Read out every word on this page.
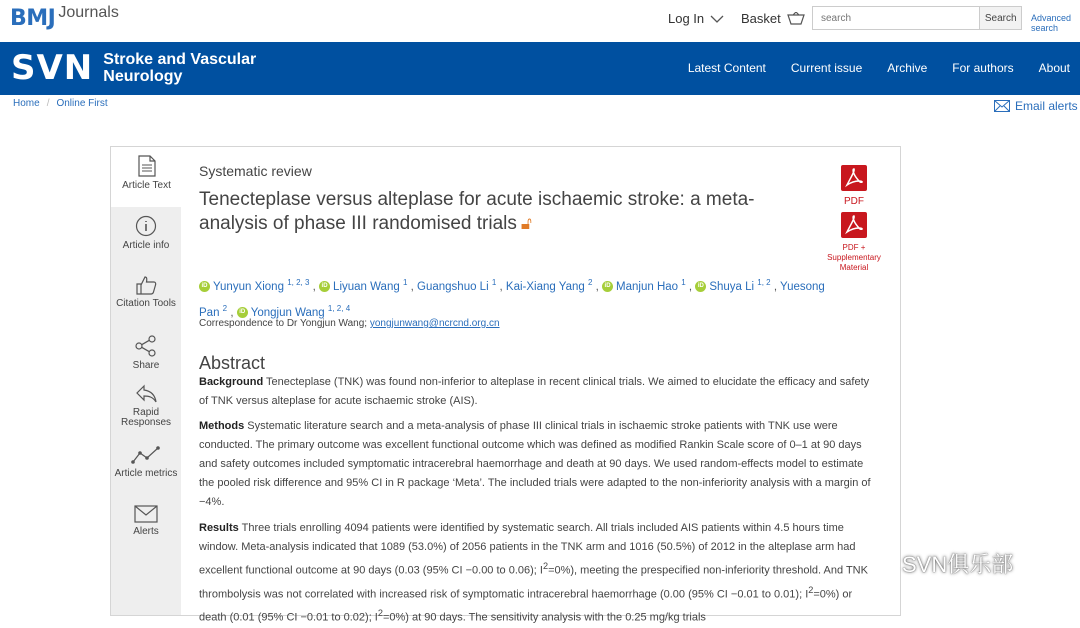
BMJ Journals	Log In	Basket
search	Search	Advanced search
SVN Stroke and Vascular Neurology	Latest Content Current issue Archive For authors About
Home / Online First	Email alerts
Article Text
Article info
Citation Tools
Share
Rapid Responses
Article metrics
Alerts
Systematic review
Tenecteplase versus alteplase for acute ischaemic stroke: a meta-analysis of phase III randomised trials 🔓︎
PDF
PDF + Supplementary Material
iD Yunyun Xiong $^{1, 2, 3}$ , iD Liyuan Wang $^1$ , Guangshuo Li $^1$ , Kai-Xiang Yang $^2$ , iD Manjun Hao $^1$ , iD Shuya Li $^{1, 2}$ , Yuesong Pan $^2$ , iD Yongjun Wang $^{1, 2, 4}$
Correspondence to Dr Yongjun Wang; yongjunwang@ncrcnd.org.cn
Abstract
Background Tenecteplase (TNK) was found non-inferior to alteplase in recent clinical trials. We aimed to elucidate the efficacy and safety of TNK versus alteplase for acute ischaemic stroke (AIS).
Methods Systematic literature search and a meta-analysis of phase III clinical trials in ischaemic stroke patients with TNK use were conducted. The primary outcome was excellent functional outcome which was defined as modified Rankin Scale score of 0–1 at 90 days and safety outcomes included symptomatic intracerebral haemorrhage and death at 90 days. We used random-effects model to estimate the pooled risk difference and 95% CI in R package ‘Meta’. The included trials were adapted to the non-inferiority analysis with a margin of −4%.
Results Three trials enrolling 4094 patients were identified by systematic search. All trials included AIS patients within 4.5 hours time window. Meta-analysis indicated that 1089 (53.0%) of 2056 patients in the TNK arm and 1016 (50.5%) of 2012 in the alteplase arm had excellent functional outcome at 90 days (0.03 (95% CI −0.00 to 0.06); $I^2=0\%$), meeting the prespecified non-inferiority threshold. And TNK thrombolysis was not correlated with increased risk of symptomatic intracerebral haemorrhage (0.00 (95% CI −0.01 to 0.01); $I^2=0\%$) or death (0.01 (95% CI −0.01 to 0.02); $I^2=0\%$) at 90 days. The sensitivity analysis with the 0.25 mg/kg trials
SVN俱乐部
